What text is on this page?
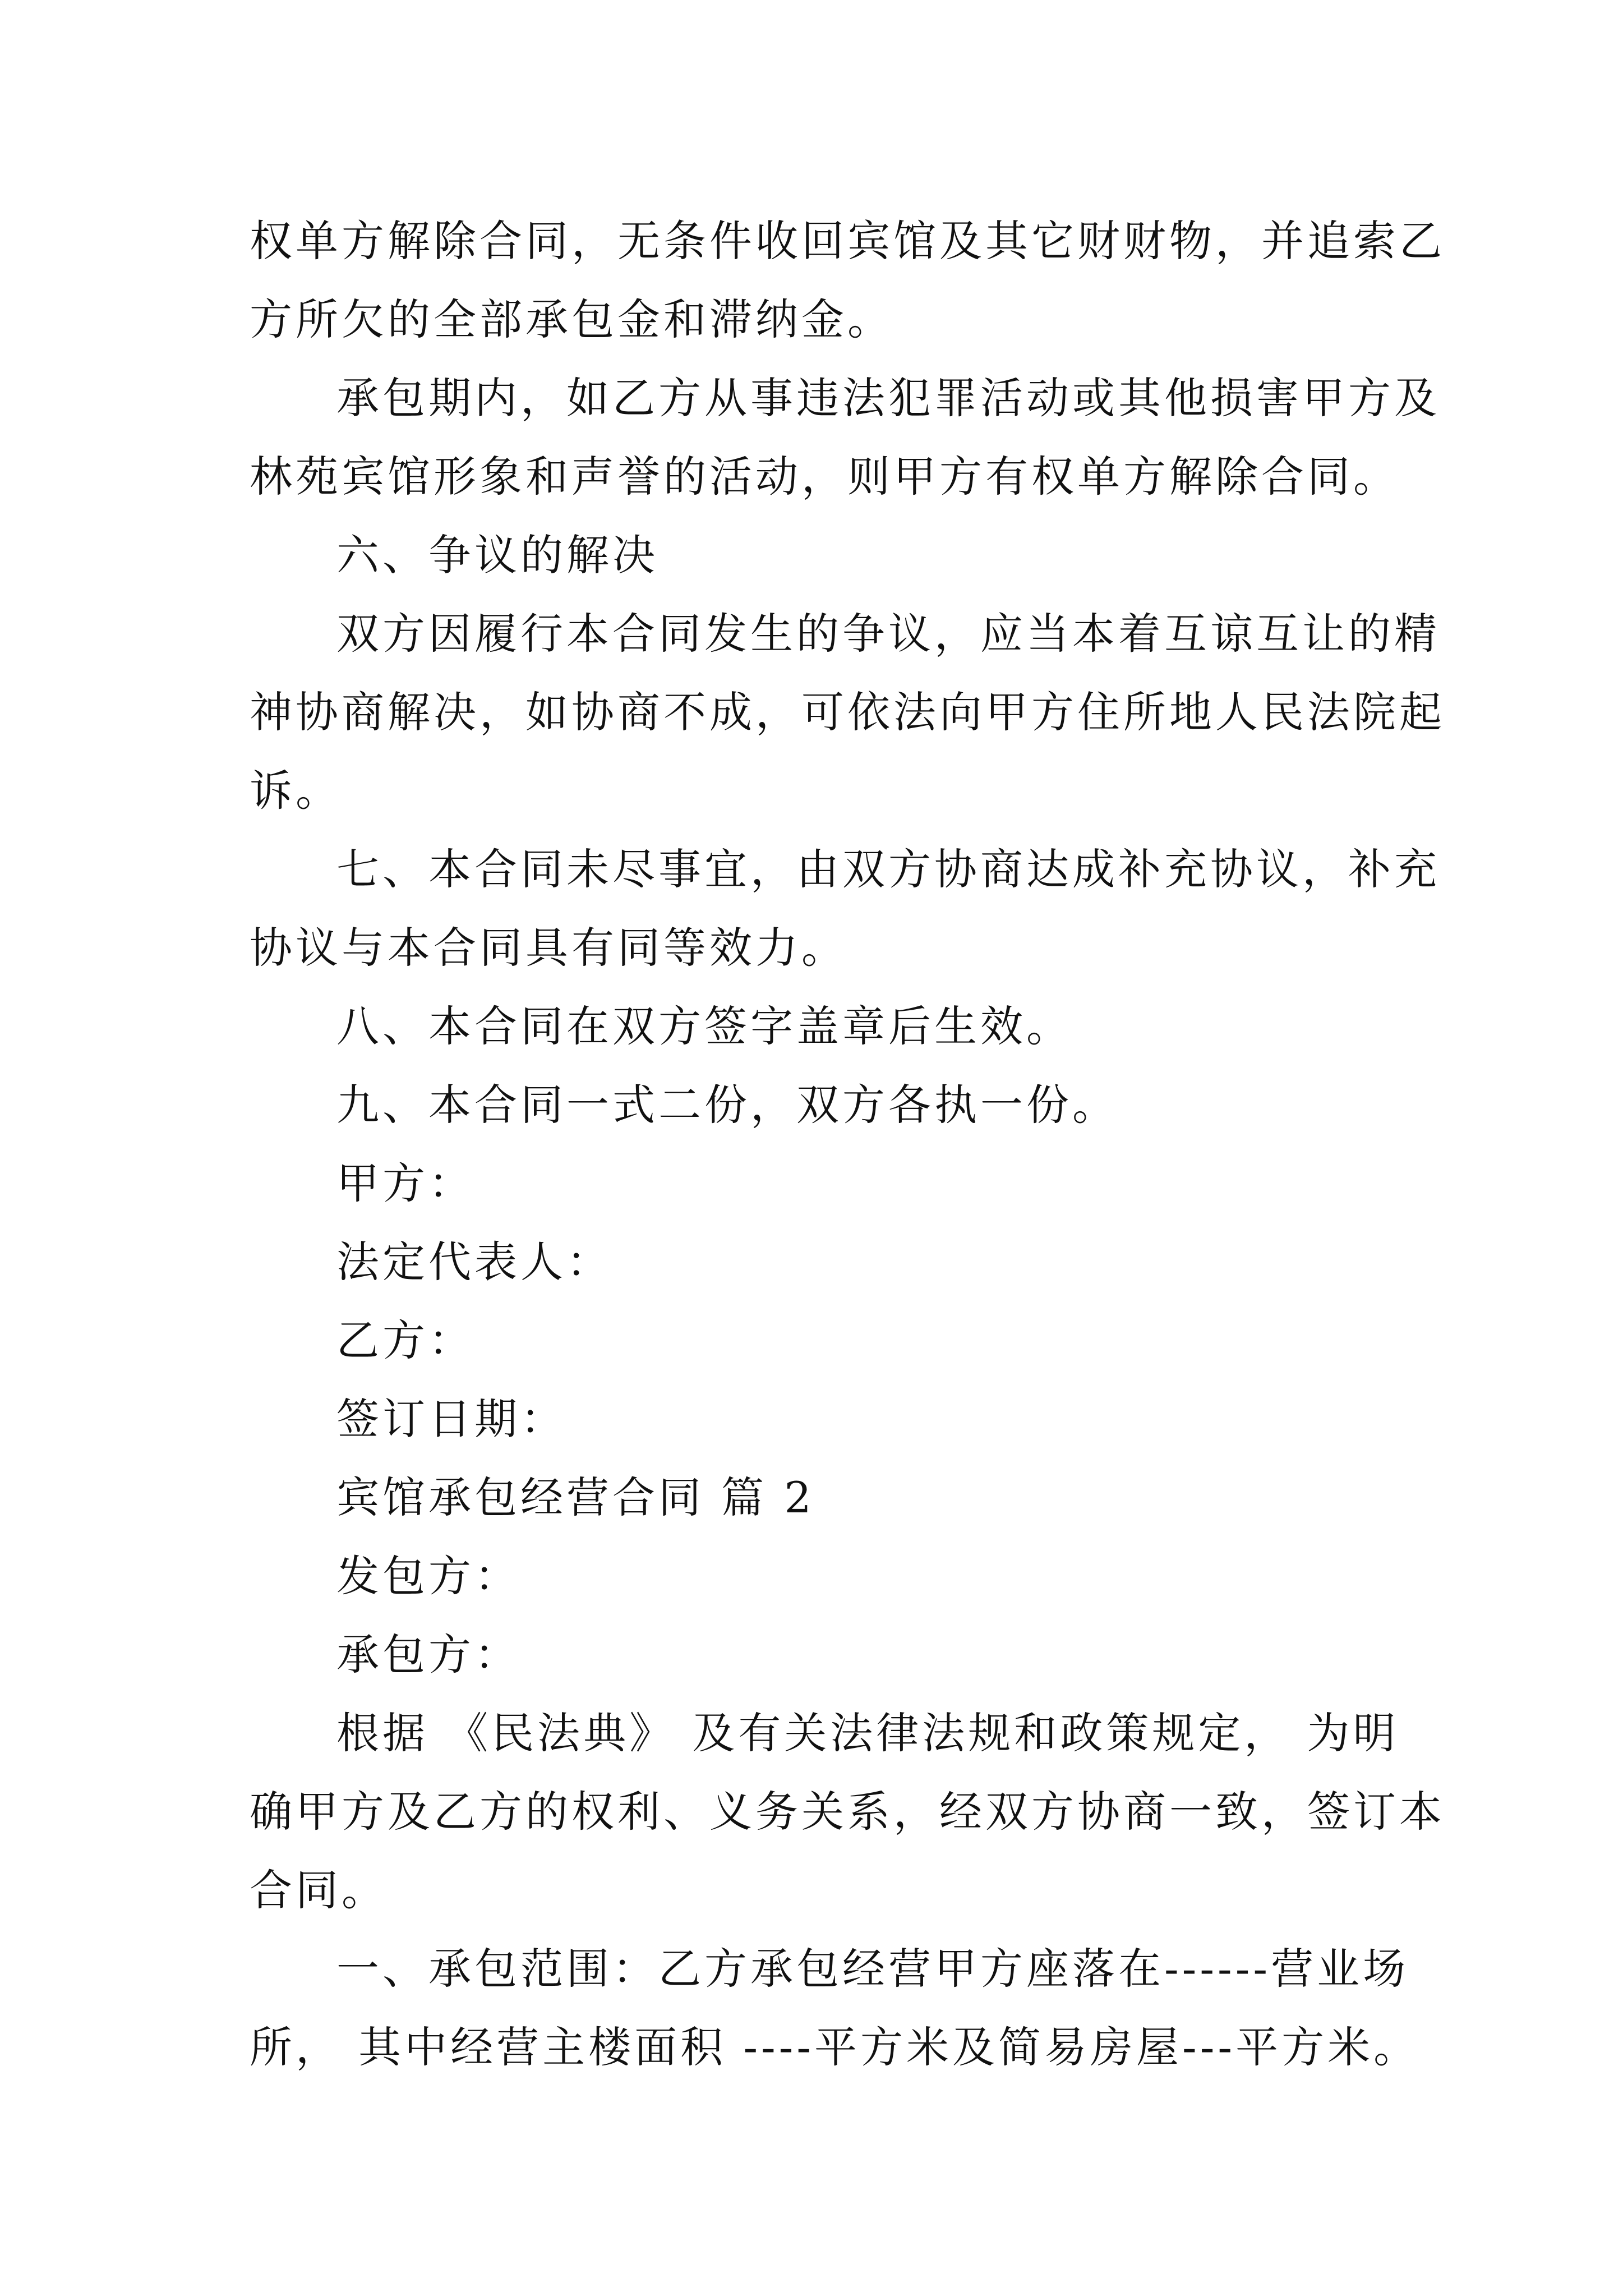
权单方解除合同，无条件收回宾馆及其它财财物，并追索乙
方所欠的全部承包金和滞纳金。
承包期内，如乙方从事违法犯罪活动或其他损害甲方及
林苑宾馆形象和声誉的活动，则甲方有权单方解除合同。
六、争议的解决
双方因履行本合同发生的争议，应当本着互谅互让的精
神协商解决，如协商不成，可依法向甲方住所地人民法院起
诉。
七、本合同未尽事宜，由双方协商达成补充协议，补充
协议与本合同具有同等效力。
八、本合同在双方签字盖章后生效。
九、本合同一式二份，双方各执一份。
甲方：
法定代表人：
乙方：
签订日期：
宾馆承包经营合同 篇 2
发包方：
承包方：
根据 《民法典》 及有关法律法规和政策规定， 为明
确甲方及乙方的权利、义务关系，经双方协商一致，签订本
合同。
一、承包范围：乙方承包经营甲方座落在------营业场
所， 其中经营主楼面积 ----平方米及简易房屋---平方米。
